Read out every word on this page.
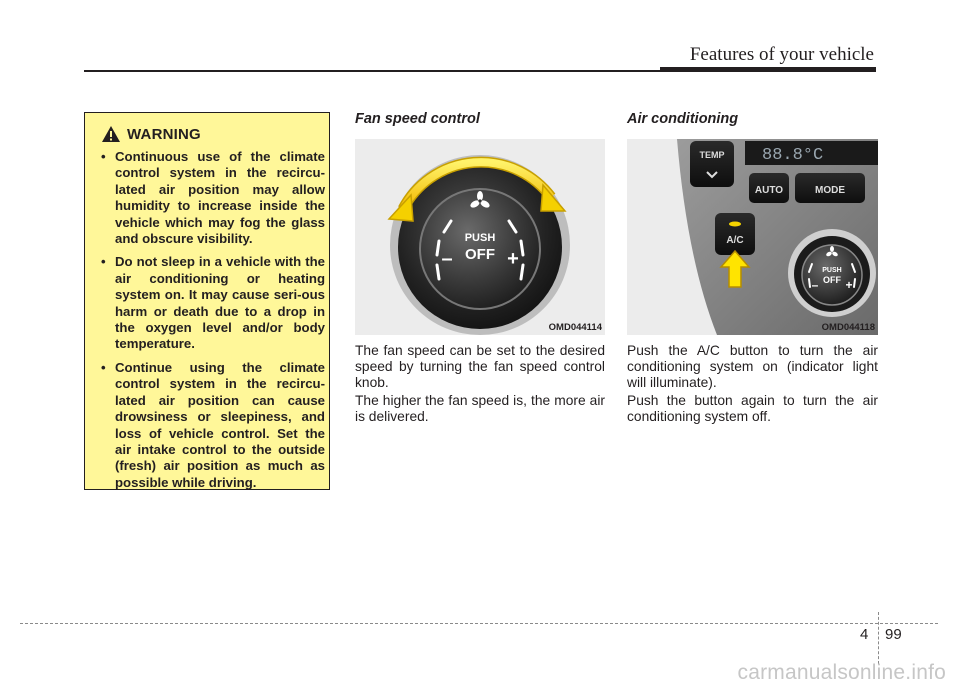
Features of your vehicle
WARNING
• Continuous use of the climate control system in the recircu-lated air position may allow humidity to increase inside the vehicle which may fog the glass and obscure visibility.
• Do not sleep in a vehicle with the air conditioning or heating system on. It may cause seri-ous harm or death due to a drop in the oxygen level and/or body temperature.
• Continue using the climate control system in the recircu-lated air position can cause drowsiness or sleepiness, and loss of vehicle control. Set the air intake control to the outside (fresh) air position as much as possible while driving.
Fan speed control
PUSH
OFF
–	+
OMD044114

The fan speed can be set to the desired speed by turning the fan speed control knob.

The higher the fan speed is, the more air is delivered.

Air conditioning
88.8°C
TEMP
AUTO	MODE
A/C
PUSH
OFF
– +
OMD044118

Push the A/C button to turn the air conditioning system on (indicator light will illuminate).

Push the button again to turn the air conditioning system off.

4 99
carmanualsonline.info
